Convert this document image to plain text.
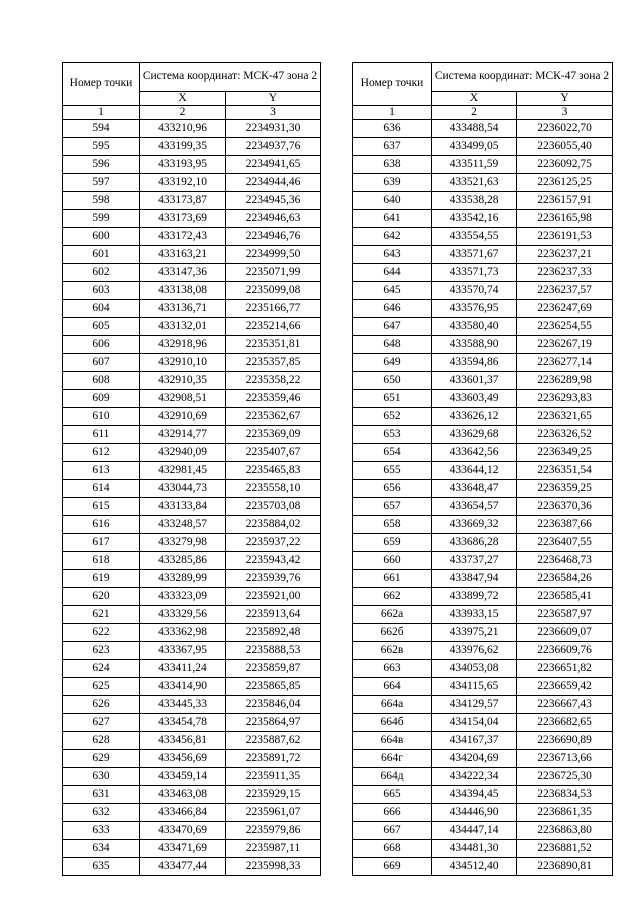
Номер точки	Система координат: МСК-47 зона 2	

	X	Y
1	2	3
594	433210,96	2234931,30
595	433199,35	2234937,76
596	433193,95	2234941,65
597	433192,10	2234944,46
598	433173,87	2234945,36
599	433173,69	2234946,63
600	433172,43	2234946,76
601	433163,21	2234999,50
602	433147,36	2235071,99
603	433138,08	2235099,08
604	433136,71	2235166,77
605	433132,01	2235214,66
606	432918,96	2235351,81
607	432910,10	2235357,85
608	432910,35	2235358,22
609	432908,51	2235359,46
610	432910,69	2235362,67
611	432914,77	2235369,09
612	432940,09	2235407,67
613	432981,45	2235465,83
614	433044,73	2235558,10
615	433133,84	2235703,08
616	433248,57	2235884,02
617	433279,98	2235937,22
618	433285,86	2235943,42
619	433289,99	2235939,76
620	433323,09	2235921,00
621	433329,56	2235913,64
622	433362,98	2235892,48
623	433367,95	2235888,53
624	433411,24	2235859,87
625	433414,90	2235865,85
626	433445,33	2235846,04
627	433454,78	2235864,97
628	433456,81	2235887,62
629	433456,69	2235891,72
630	433459,14	2235911,35
631	433463,08	2235929,15
632	433466,84	2235961,07
633	433470,69	2235979,86
634	433471,69	2235987,11
635	433477,44	2235998,33
Номер точки	Система координат: МСК-47 зона 2	

	X	Y
1	2	3
636	433488,54	2236022,70
637	433499,05	2236055,40
638	433511,59	2236092,75
639	433521,63	2236125,25
640	433538,28	2236157,91
641	433542,16	2236165,98
642	433554,55	2236191,53
643	433571,67	2236237,21
644	433571,73	2236237,33
645	433570,74	2236237,57
646	433576,95	2236247,69
647	433580,40	2236254,55
648	433588,90	2236267,19
649	433594,86	2236277,14
650	433601,37	2236289,98
651	433603,49	2236293,83
652	433626,12	2236321,65
653	433629,68	2236326,52
654	433642,56	2236349,25
655	433644,12	2236351,54
656	433648,47	2236359,25
657	433654,57	2236370,36
658	433669,32	2236387,66
659	433686,28	2236407,55
660	433737,27	2236468,73
661	433847,94	2236584,26
662	433899,72	2236585,41
662а	433933,15	2236587,97
662б	433975,21	2236609,07
662в	433976,62	2236609,76
663	434053,08	2236651,82
664	434115,65	2236659,42
664а	434129,57	2236667,43
664б	434154,04	2236682,65
664в	434167,37	2236690,89
664г	434204,69	2236713,66
664д	434222,34	2236725,30
665	434394,45	2236834,53
666	434446,90	2236861,35
667	434447,14	2236863,80
668	434481,30	2236881,52
669	434512,40	2236890,81
